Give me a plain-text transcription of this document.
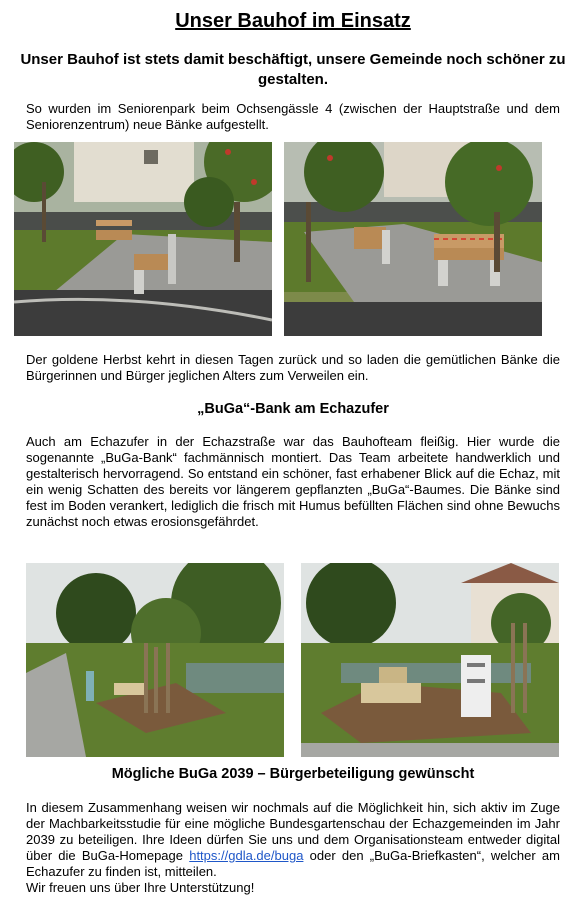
Unser Bauhof im Einsatz
Unser Bauhof ist stets damit beschäftigt, unsere Gemeinde noch schöner zu gestalten.
So wurden im Seniorenpark beim Ochsengässle 4 (zwischen der Hauptstraße und dem Seniorenzentrum) neue Bänke aufgestellt.
Der goldene Herbst kehrt in diesen Tagen zurück und so laden die gemütlichen Bänke die Bürgerinnen und Bürger jeglichen Alters zum Verweilen ein.
„BuGa“-Bank am Echazufer
Auch am Echazufer in der Echazstraße war das Bauhofteam fleißig. Hier wurde die sogenannte „BuGa-Bank“ fachmännisch montiert. Das Team arbeitete handwerklich und gestalterisch hervorragend. So entstand ein schöner, fast erhabener Blick auf die Echaz, mit ein wenig Schatten des bereits vor längerem gepflanzten „BuGa“-Baumes. Die Bänke sind fest im Boden verankert, lediglich die frisch mit Humus befüllten Flächen sind ohne Bewuchs zunächst noch etwas erosionsgefährdet.
Mögliche BuGa 2039 – Bürgerbeteiligung gewünscht
In diesem Zusammenhang weisen wir nochmals auf die Möglichkeit hin, sich aktiv im Zuge der Machbarkeitsstudie für eine mögliche Bundesgartenschau der Echazgemeinden im Jahr 2039 zu beteiligen. Ihre Ideen dürfen Sie uns und dem Organisationsteam entweder digital über die BuGa-Homepage https://gdla.de/buga oder den „BuGa-Briefkasten“, welcher am Echazufer zu finden ist, mitteilen.
Wir freuen uns über Ihre Unterstützung!
